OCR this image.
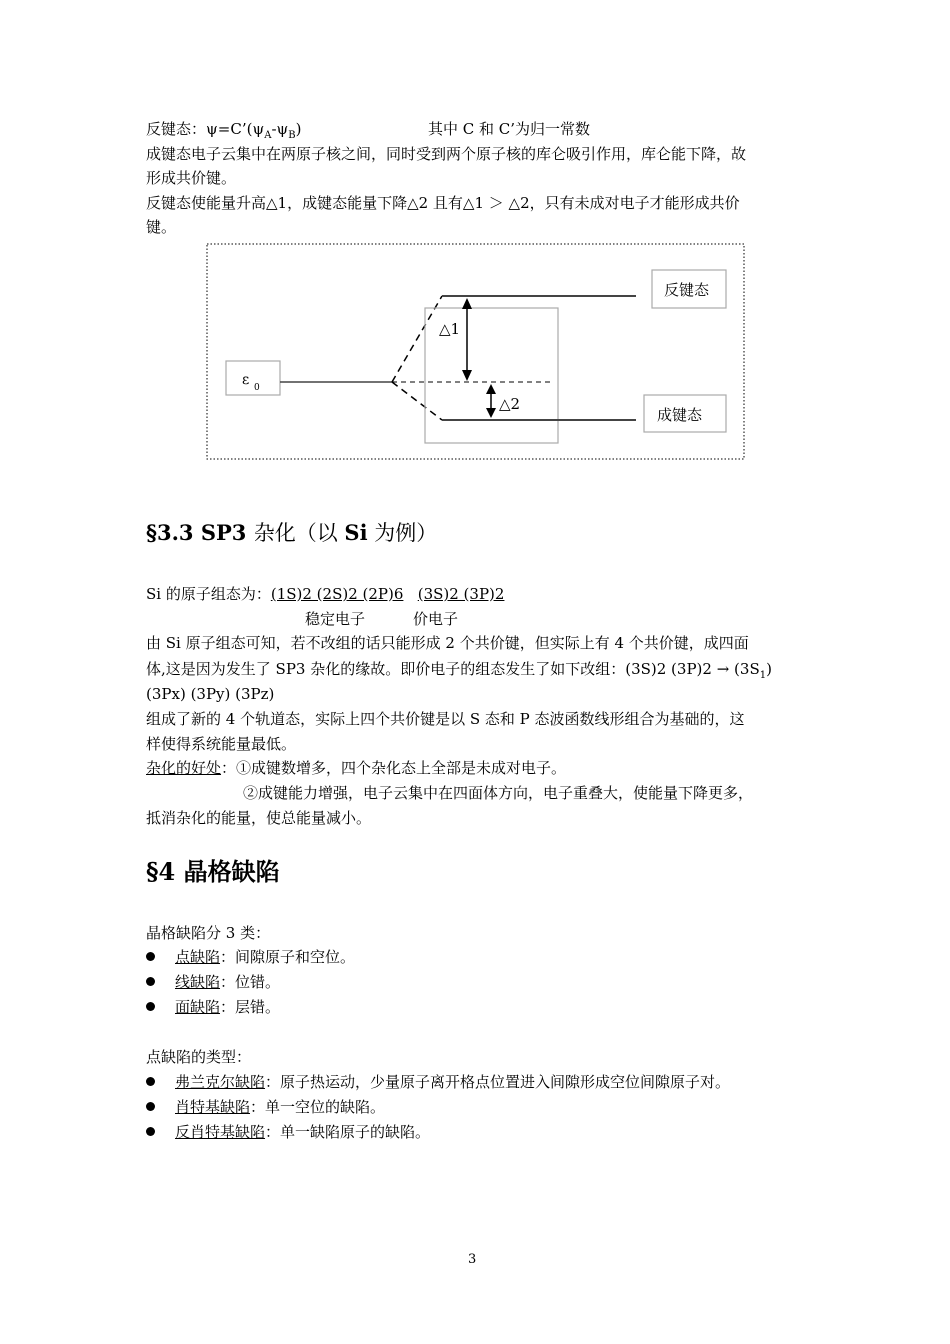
反键态：$\psi=C’(\psi_A-\psi_B)$	其中 C 和 C’为归一常数
成键态电子云集中在两原子核之间，同时受到两个原子核的库仑吸引作用，库仑能下降，故
形成共价键。
反键态使能量升高△1，成键态能量下降△2 且有△1 ＞ △2，只有未成对电子才能形成共价
键。
ε 0
△1
△2
反键态
成键态
§3.3 SP3 杂化（以 Si 为例）
Si 的原子组态为：(1S)2 (2S)2 (2P)6 (3S)2 (3P)2
稳定电子	价电子
由 Si 原子组态可知，若不改组的话只能形成 2 个共价键，但实际上有 4 个共价键，成四面
体,这是因为发生了 SP3 杂化的缘故。即价电子的组态发生了如下改组：(3S)2 $(3P)2 \to (3S_1)$
(3Px) (3Py) (3Pz)
组成了新的 4 个轨道态，实际上四个共价键是以 S 态和 P 态波函数线形组合为基础的，这
样使得系统能量最低。
杂化的好处：①成键数增多，四个杂化态上全部是未成对电子。
②成键能力增强，电子云集中在四面体方向，电子重叠大，使能量下降更多，
抵消杂化的能量，使总能量减小。
§4 晶格缺陷
晶格缺陷分 3 类：
点缺陷：间隙原子和空位。
线缺陷：位错。
面缺陷：层错。
点缺陷的类型：
弗兰克尔缺陷：原子热运动，少量原子离开格点位置进入间隙形成空位间隙原子对。
肖特基缺陷：单一空位的缺陷。
反肖特基缺陷：单一缺陷原子的缺陷。
3
